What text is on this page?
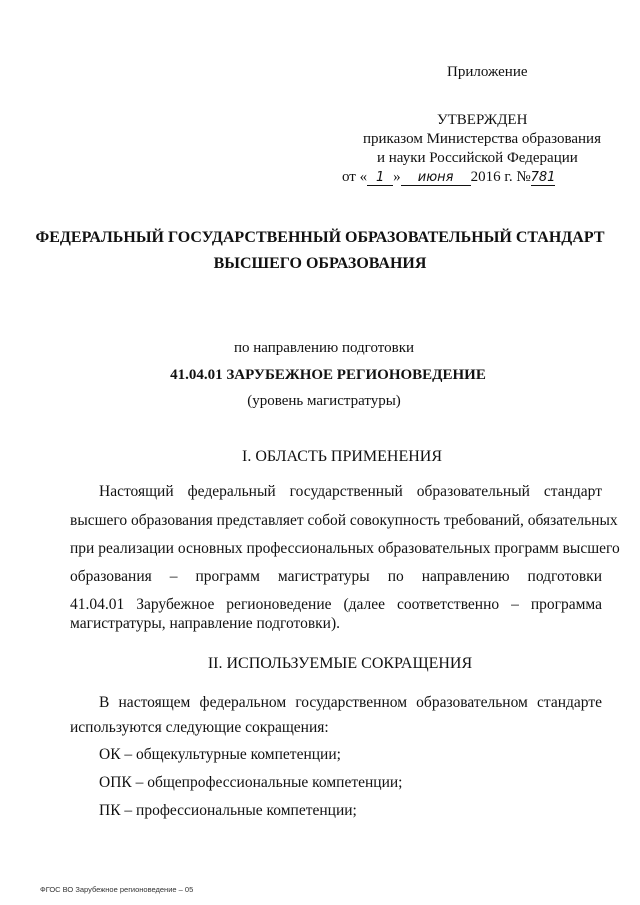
Приложение
УТВЕРЖДЕН
приказом Министерства образования
и науки Российской Федерации
от « 1 » июня 2016 г. №781
ФЕДЕРАЛЬНЫЙ ГОСУДАРСТВЕННЫЙ ОБРАЗОВАТЕЛЬНЫЙ СТАНДАРТ
ВЫСШЕГО ОБРАЗОВАНИЯ
по направлению подготовки
41.04.01 ЗАРУБЕЖНОЕ РЕГИОНОВЕДЕНИЕ
(уровень магистратуры)
I. ОБЛАСТЬ ПРИМЕНЕНИЯ
Настоящий федеральный государственный образовательный стандарт
высшего образования представляет собой совокупность требований, обязательных
при реализации основных профессиональных образовательных программ высшего
образования – программ магистратуры по направлению подготовки
41.04.01 Зарубежное регионоведение (далее соответственно – программа
магистратуры, направление подготовки).
II. ИСПОЛЬЗУЕМЫЕ СОКРАЩЕНИЯ
В настоящем федеральном государственном образовательном стандарте
используются следующие сокращения:
ОК – общекультурные компетенции;
ОПК – общепрофессиональные компетенции;
ПК – профессиональные компетенции;
ФГОС ВО Зарубежное регионоведение – 05
